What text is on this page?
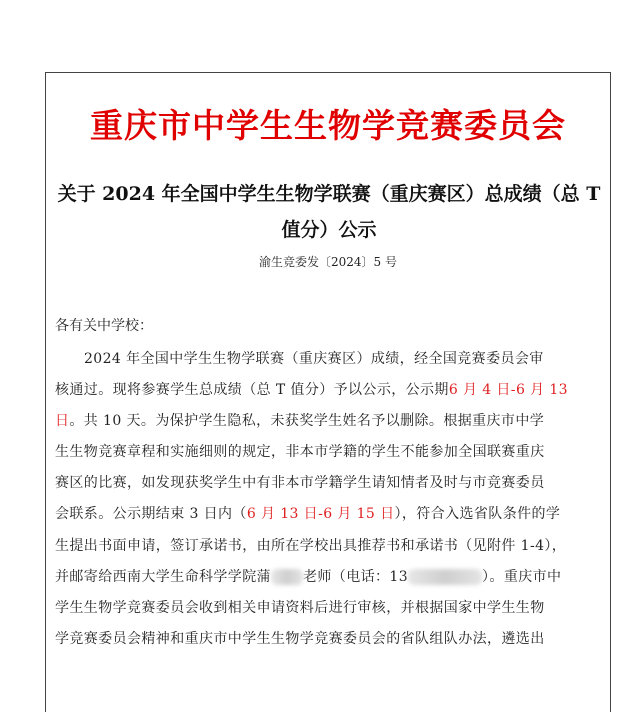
重庆市中学生生物学竞赛委员会
关于 2024 年全国中学生生物学联赛（重庆赛区）总成绩（总 T 值分）公示
渝生竞委发〔2024〕5 号
各有关中学校：
2024 年全国中学生生物学联赛（重庆赛区）成绩，经全国竞赛委员会审
核通过。现将参赛学生总成绩（总 T 值分）予以公示，公示期6 月 4 日-6 月 13
日。共 10 天。为保护学生隐私，未获奖学生姓名予以删除。根据重庆市中学
生生物竞赛章程和实施细则的规定，非本市学籍的学生不能参加全国联赛重庆
赛区的比赛，如发现获奖学生中有非本市学籍学生请知情者及时与市竞赛委员
会联系。公示期结束 3 日内（6 月 13 日-6 月 15 日），符合入选省队条件的学
生提出书面申请，签订承诺书，由所在学校出具推荐书和承诺书（见附件 1-4），
并邮寄给西南大学生命科学学院蒲 老师（电话：13	）。重庆市中
学生生物学竞赛委员会收到相关申请资料后进行审核，并根据国家中学生生物
学竞赛委员会精神和重庆市中学生生物学竞赛委员会的省队组队办法，遴选出
